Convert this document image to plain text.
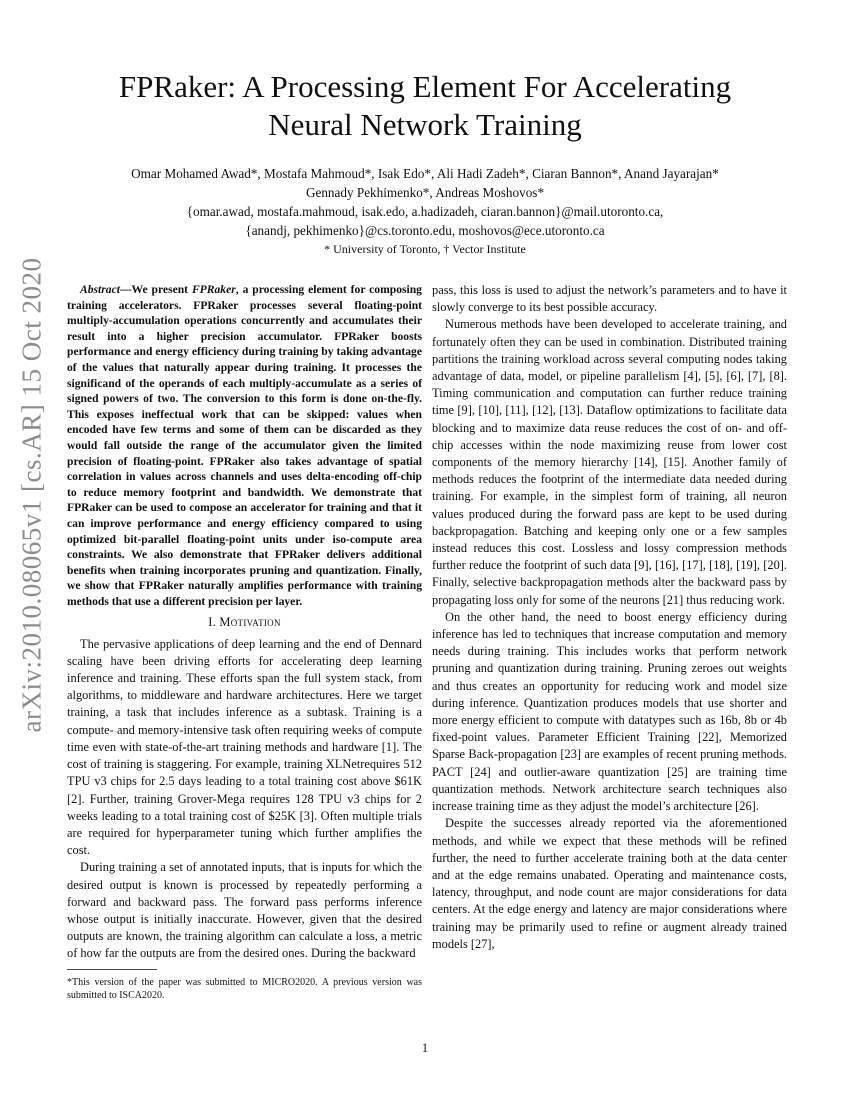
arXiv:2010.08065v1 [cs.AR] 15 Oct 2020
FPRaker: A Processing Element For Accelerating
Neural Network Training
Omar Mohamed Awad*, Mostafa Mahmoud*, Isak Edo*, Ali Hadi Zadeh*, Ciaran Bannon*, Anand Jayarajan*
Gennady Pekhimenko*, Andreas Moshovos*
{omar.awad, mostafa.mahmoud, isak.edo, a.hadizadeh, ciaran.bannon}@mail.utoronto.ca,
{anandj, pekhimenko}@cs.toronto.edu, moshovos@ece.utoronto.ca
* University of Toronto, † Vector Institute

Abstract—We present FPRaker, a processing element for composing training accelerators. FPRaker processes several floating-point multiply-accumulation operations concurrently and accumulates their result into a higher precision accumulator. FPRaker boosts performance and energy efficiency during training by taking advantage of the values that naturally appear during training. It processes the significand of the operands of each multiply-accumulate as a series of signed powers of two. The conversion to this form is done on-the-fly. This exposes ineffectual work that can be skipped: values when encoded have few terms and some of them can be discarded as they would fall outside the range of the accumulator given the limited precision of floating-point. FPRaker also takes advantage of spatial correlation in values across channels and uses delta-encoding off-chip to reduce memory footprint and bandwidth. We demonstrate that FPRaker can be used to compose an accelerator for training and that it can improve performance and energy efficiency compared to using optimized bit-parallel floating-point units under iso-compute area constraints. We also demonstrate that FPRaker delivers additional benefits when training incorporates pruning and quantization. Finally, we show that FPRaker naturally amplifies performance with training methods that use a different precision per layer.

I. Motivation

The pervasive applications of deep learning and the end of Dennard scaling have been driving efforts for accelerating deep learning inference and training. These efforts span the full system stack, from algorithms, to middleware and hardware architectures. Here we target training, a task that includes inference as a subtask. Training is a compute- and memory-intensive task often requiring weeks of compute time even with state-of-the-art training methods and hardware [1]. The cost of training is staggering. For example, training XLNetrequires 512 TPU v3 chips for 2.5 days leading to a total training cost above $61K [2]. Further, training Grover-Mega requires 128 TPU v3 chips for 2 weeks leading to a total training cost of $25K [3]. Often multiple trials are required for hyperparameter tuning which further amplifies the cost.

During training a set of annotated inputs, that is inputs for which the desired output is known is processed by repeatedly performing a forward and backward pass. The forward pass performs inference whose output is initially inaccurate. However, given that the desired outputs are known, the training algorithm can calculate a loss, a metric of how far the outputs are from the desired ones. During the backward

*This version of the paper was submitted to MICRO2020. A previous version was submitted to ISCA2020.

pass, this loss is used to adjust the network’s parameters and to have it slowly converge to its best possible accuracy.

Numerous methods have been developed to accelerate training, and fortunately often they can be used in combination. Distributed training partitions the training workload across several computing nodes taking advantage of data, model, or pipeline parallelism [4], [5], [6], [7], [8]. Timing communication and computation can further reduce training time [9], [10], [11], [12], [13]. Dataflow optimizations to facilitate data blocking and to maximize data reuse reduces the cost of on- and off-chip accesses within the node maximizing reuse from lower cost components of the memory hierarchy [14], [15]. Another family of methods reduces the footprint of the intermediate data needed during training. For example, in the simplest form of training, all neuron values produced during the forward pass are kept to be used during backpropagation. Batching and keeping only one or a few samples instead reduces this cost. Lossless and lossy compression methods further reduce the footprint of such data [9], [16], [17], [18], [19], [20]. Finally, selective backpropagation methods alter the backward pass by propagating loss only for some of the neurons [21] thus reducing work.

On the other hand, the need to boost energy efficiency during inference has led to techniques that increase computation and memory needs during training. This includes works that perform network pruning and quantization during training. Pruning zeroes out weights and thus creates an opportunity for reducing work and model size during inference. Quantization produces models that use shorter and more energy efficient to compute with datatypes such as 16b, 8b or 4b fixed-point values. Parameter Efficient Training [22], Memorized Sparse Back-propagation [23] are examples of recent pruning methods. PACT [24] and outlier-aware quantization [25] are training time quantization methods. Network architecture search techniques also increase training time as they adjust the model’s architecture [26].

Despite the successes already reported via the aforementioned methods, and while we expect that these methods will be refined further, the need to further accelerate training both at the data center and at the edge remains unabated. Operating and maintenance costs, latency, throughput, and node count are major considerations for data centers. At the edge energy and latency are major considerations where training may be primarily used to refine or augment already trained models [27],

1
